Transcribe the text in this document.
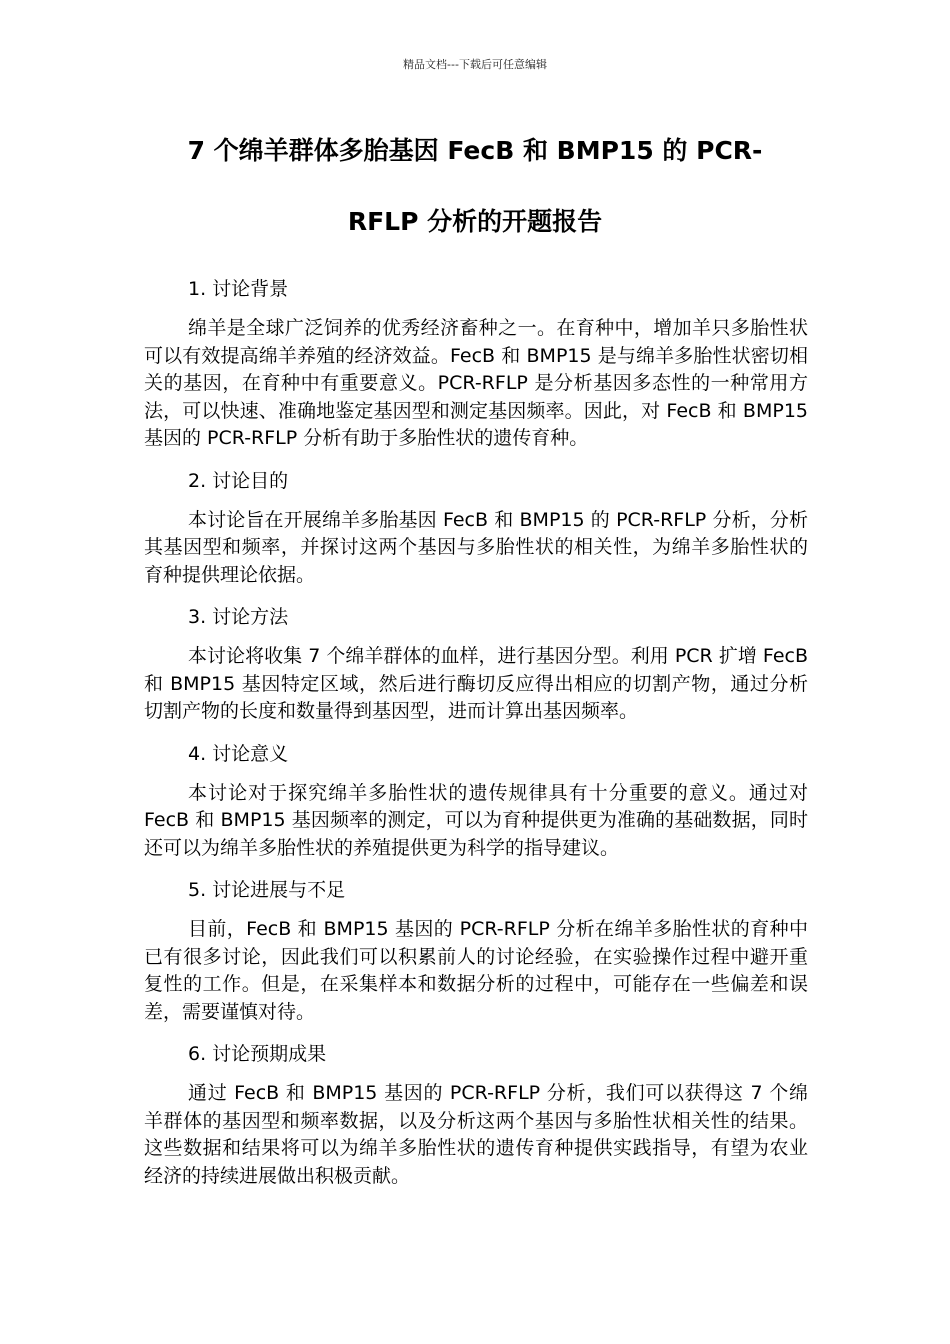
精品文档---下载后可任意编辑
7 个绵羊群体多胎基因 FecB 和 BMP15 的 PCR-
RFLP 分析的开题报告

1. 讨论背景

绵羊是全球广泛饲养的优秀经济畜种之一。在育种中，增加羊只多胎性状可以有效提高绵羊养殖的经济效益。FecB 和 BMP15 是与绵羊多胎性状密切相关的基因，在育种中有重要意义。PCR-RFLP 是分析基因多态性的一种常用方法，可以快速、准确地鉴定基因型和测定基因频率。因此，对 FecB 和 BMP15 基因的 PCR-RFLP 分析有助于多胎性状的遗传育种。

2. 讨论目的

本讨论旨在开展绵羊多胎基因 FecB 和 BMP15 的 PCR-RFLP 分析，分析其基因型和频率，并探讨这两个基因与多胎性状的相关性，为绵羊多胎性状的育种提供理论依据。

3. 讨论方法

本讨论将收集 7 个绵羊群体的血样，进行基因分型。利用 PCR 扩增 FecB 和 BMP15 基因特定区域，然后进行酶切反应得出相应的切割产物，通过分析切割产物的长度和数量得到基因型，进而计算出基因频率。

4. 讨论意义

本讨论对于探究绵羊多胎性状的遗传规律具有十分重要的意义。通过对 FecB 和 BMP15 基因频率的测定，可以为育种提供更为准确的基础数据，同时还可以为绵羊多胎性状的养殖提供更为科学的指导建议。

5. 讨论进展与不足

目前，FecB 和 BMP15 基因的 PCR-RFLP 分析在绵羊多胎性状的育种中已有很多讨论，因此我们可以积累前人的讨论经验，在实验操作过程中避开重复性的工作。但是，在采集样本和数据分析的过程中，可能存在一些偏差和误差，需要谨慎对待。

6. 讨论预期成果

通过 FecB 和 BMP15 基因的 PCR-RFLP 分析，我们可以获得这 7 个绵羊群体的基因型和频率数据，以及分析这两个基因与多胎性状相关性的结果。这些数据和结果将可以为绵羊多胎性状的遗传育种提供实践指导，有望为农业经济的持续进展做出积极贡献。
